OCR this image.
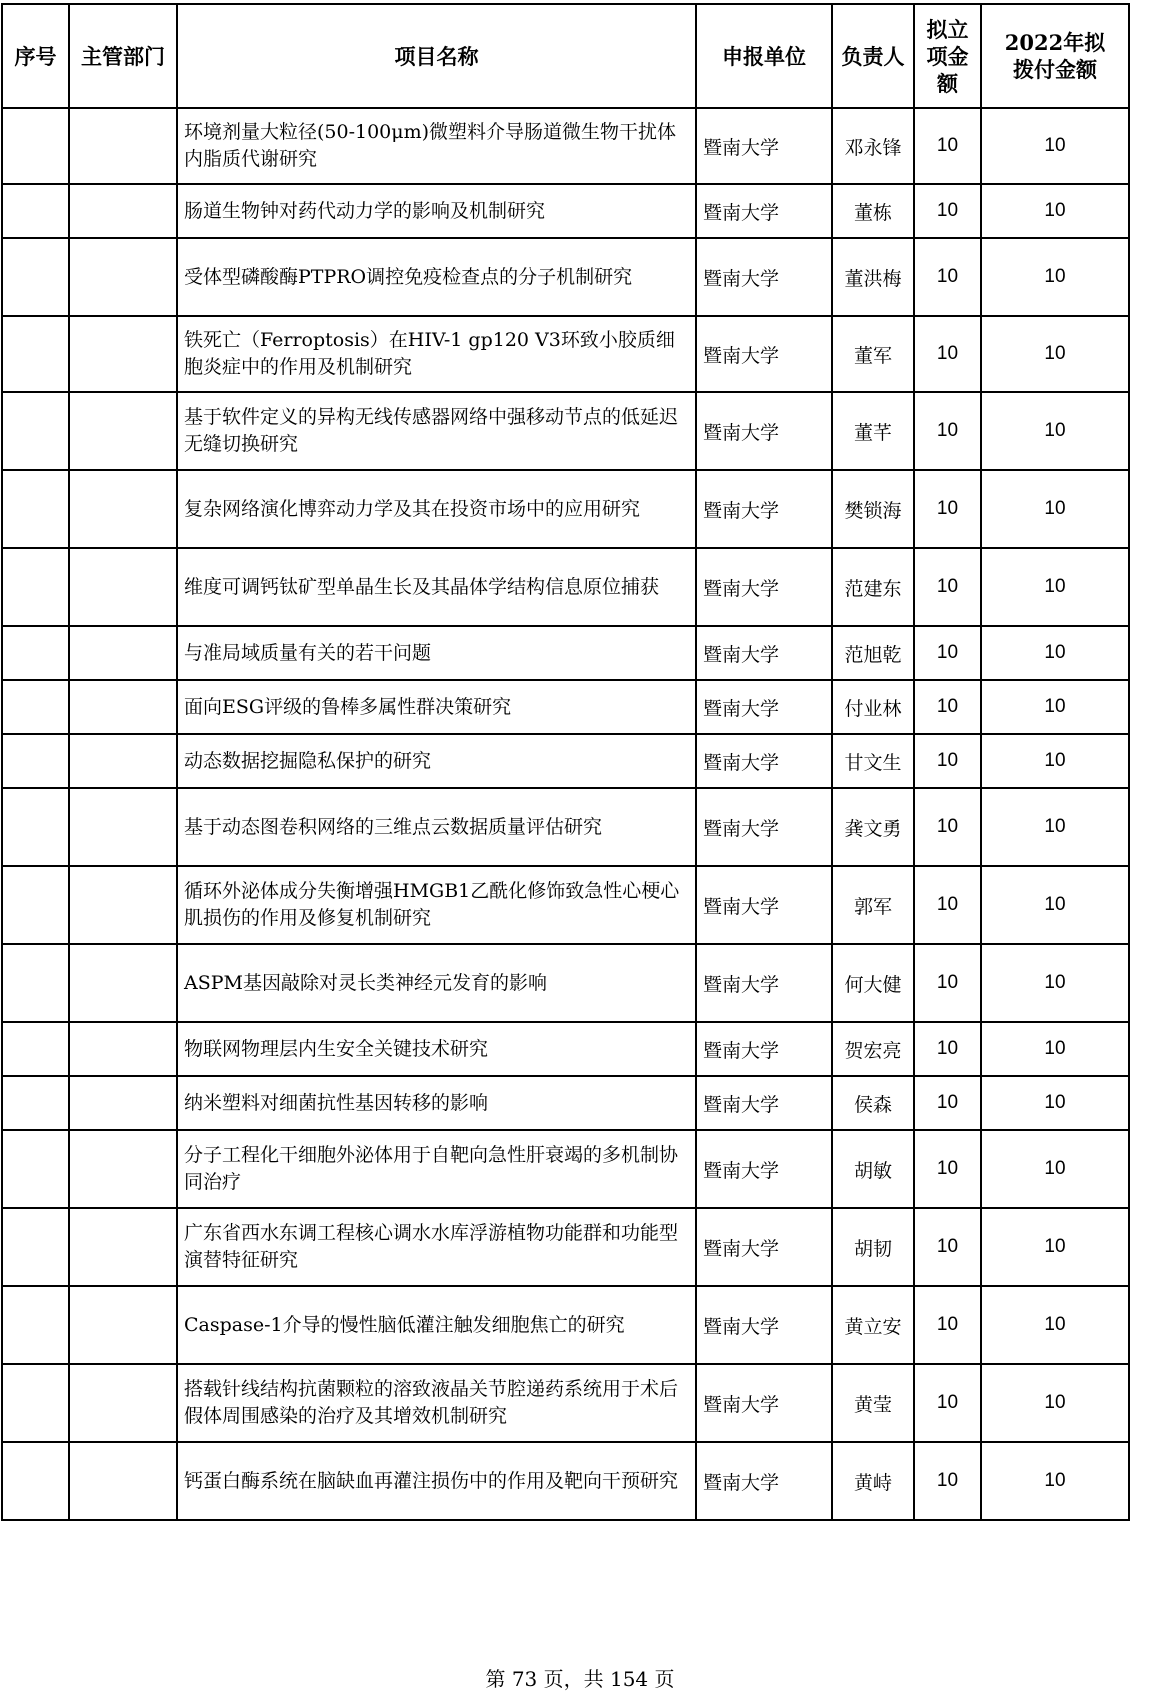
序号	主管部门	项目名称	申报单位	负责人	拟立项金额	2022年拟拨付金额
		环境剂量大粒径(50-100μm)微塑料介导肠道微生物干扰体内脂质代谢研究	暨南大学	邓永锋	10	10
		肠道生物钟对药代动力学的影响及机制研究	暨南大学	董栋	10	10
		受体型磷酸酶PTPRO调控免疫检查点的分子机制研究	暨南大学	董洪梅	10	10
		铁死亡（Ferroptosis）在HIV-1 gp120 V3环致小胶质细胞炎症中的作用及机制研究	暨南大学	董军	10	10
		基于软件定义的异构无线传感器网络中强移动节点的低延迟无缝切换研究	暨南大学	董芊	10	10
		复杂网络演化博弈动力学及其在投资市场中的应用研究	暨南大学	樊锁海	10	10
		维度可调钙钛矿型单晶生长及其晶体学结构信息原位捕获	暨南大学	范建东	10	10
		与准局域质量有关的若干问题	暨南大学	范旭乾	10	10
		面向ESG评级的鲁棒多属性群决策研究	暨南大学	付业林	10	10
		动态数据挖掘隐私保护的研究	暨南大学	甘文生	10	10
		基于动态图卷积网络的三维点云数据质量评估研究	暨南大学	龚文勇	10	10
		循环外泌体成分失衡增强HMGB1乙酰化修饰致急性心梗心肌损伤的作用及修复机制研究	暨南大学	郭军	10	10
		ASPM基因敲除对灵长类神经元发育的影响	暨南大学	何大健	10	10
		物联网物理层内生安全关键技术研究	暨南大学	贺宏亮	10	10
		纳米塑料对细菌抗性基因转移的影响	暨南大学	侯森	10	10
		分子工程化干细胞外泌体用于自靶向急性肝衰竭的多机制协同治疗	暨南大学	胡敏	10	10
		广东省西水东调工程核心调水水库浮游植物功能群和功能型演替特征研究	暨南大学	胡韧	10	10
		Caspase-1介导的慢性脑低灌注触发细胞焦亡的研究	暨南大学	黄立安	10	10
		搭载针线结构抗菌颗粒的溶致液晶关节腔递药系统用于术后假体周围感染的治疗及其增效机制研究	暨南大学	黄莹	10	10
		钙蛋白酶系统在脑缺血再灌注损伤中的作用及靶向干预研究	暨南大学	黄峙	10	10
第 73 页，共 154 页
